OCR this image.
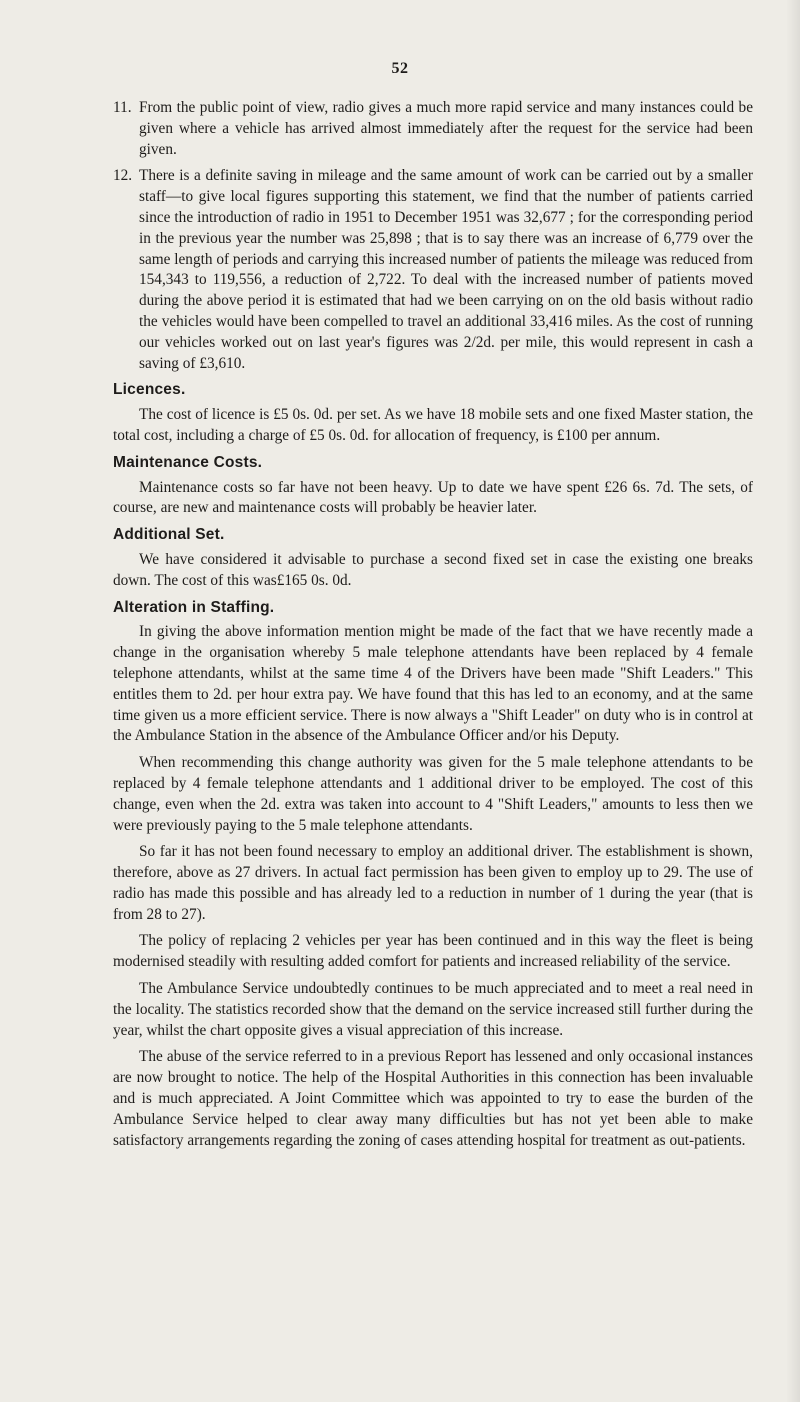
52
11. From the public point of view, radio gives a much more rapid service and many instances could be given where a vehicle has arrived almost immediately after the request for the service had been given.
12. There is a definite saving in mileage and the same amount of work can be carried out by a smaller staff—to give local figures supporting this statement, we find that the number of patients carried since the introduction of radio in 1951 to December 1951 was 32,677 ; for the corresponding period in the previous year the number was 25,898 ; that is to say there was an increase of 6,779 over the same length of periods and carrying this increased number of patients the mileage was reduced from 154,343 to 119,556, a reduction of 2,722. To deal with the increased number of patients moved during the above period it is estimated that had we been carrying on on the old basis without radio the vehicles would have been compelled to travel an additional 33,416 miles. As the cost of running our vehicles worked out on last year's figures was 2/2d. per mile, this would represent in cash a saving of £3,610.
Licences.

The cost of licence is £5 0s. 0d. per set. As we have 18 mobile sets and one fixed Master station, the total cost, including a charge of £5 0s. 0d. for allocation of frequency, is £100 per annum.

Maintenance Costs.

Maintenance costs so far have not been heavy. Up to date we have spent £26 6s. 7d. The sets, of course, are new and maintenance costs will probably be heavier later.

Additional Set.

We have considered it advisable to purchase a second fixed set in case the existing one breaks down. The cost of this was£165 0s. 0d.

Alteration in Staffing.

In giving the above information mention might be made of the fact that we have recently made a change in the organisation whereby 5 male telephone attendants have been replaced by 4 female telephone attendants, whilst at the same time 4 of the Drivers have been made "Shift Leaders." This entitles them to 2d. per hour extra pay. We have found that this has led to an economy, and at the same time given us a more efficient service. There is now always a "Shift Leader" on duty who is in control at the Ambulance Station in the absence of the Ambulance Officer and/or his Deputy.

When recommending this change authority was given for the 5 male telephone attendants to be replaced by 4 female telephone attendants and 1 additional driver to be employed. The cost of this change, even when the 2d. extra was taken into account to 4 "Shift Leaders," amounts to less then we were previously paying to the 5 male telephone attendants.

So far it has not been found necessary to employ an additional driver. The establishment is shown, therefore, above as 27 drivers. In actual fact permission has been given to employ up to 29. The use of radio has made this possible and has already led to a reduction in number of 1 during the year (that is from 28 to 27).

The policy of replacing 2 vehicles per year has been continued and in this way the fleet is being modernised steadily with resulting added comfort for patients and increased reliability of the service.

The Ambulance Service undoubtedly continues to be much appreciated and to meet a real need in the locality. The statistics recorded show that the demand on the service increased still further during the year, whilst the chart opposite gives a visual appreciation of this increase.

The abuse of the service referred to in a previous Report has lessened and only occasional instances are now brought to notice. The help of the Hospital Authorities in this connection has been invaluable and is much appreciated. A Joint Committee which was appointed to try to ease the burden of the Ambulance Service helped to clear away many difficulties but has not yet been able to make satisfactory arrangements regarding the zoning of cases attending hospital for treatment as out-patients.
